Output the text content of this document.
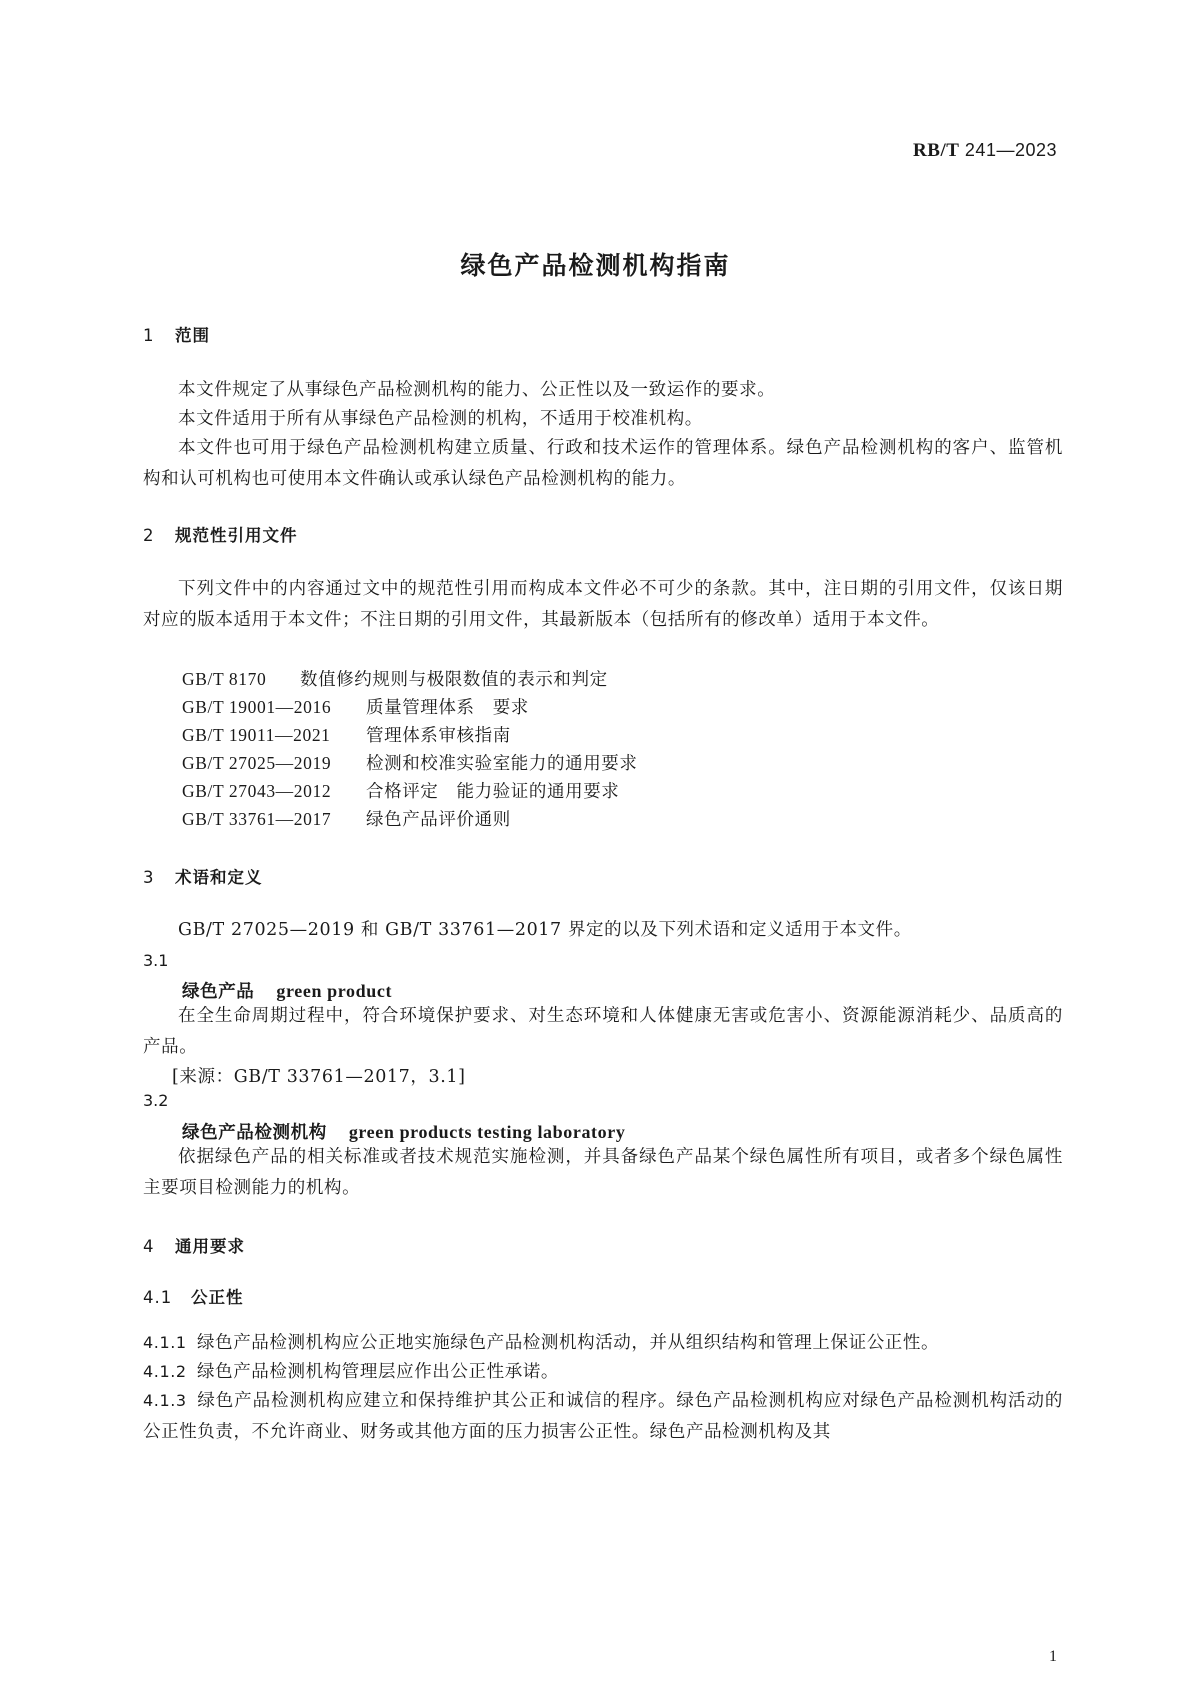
RB/T 241—2023
绿色产品检测机构指南
1 范围

本文件规定了从事绿色产品检测机构的能力、公正性以及一致运作的要求。

本文件适用于所有从事绿色产品检测的机构，不适用于校准机构。

本文件也可用于绿色产品检测机构建立质量、行政和技术运作的管理体系。绿色产品检测机构的客户、监管机构和认可机构也可使用本文件确认或承认绿色产品检测机构的能力。

2 规范性引用文件

下列文件中的内容通过文中的规范性引用而构成本文件必不可少的条款。其中，注日期的引用文件，仅该日期对应的版本适用于本文件；不注日期的引用文件，其最新版本（包括所有的修改单）适用于本文件。

GB/T 8170 数值修约规则与极限数值的表示和判定
GB/T 19001—2016 质量管理体系　要求
GB/T 19011—2021 管理体系审核指南
GB/T 27025—2019 检测和校准实验室能力的通用要求
GB/T 27043—2012 合格评定　能力验证的通用要求
GB/T 33761—2017 绿色产品评价通则
3 术语和定义

GB/T 27025—2019 和 GB/T 33761—2017 界定的以及下列术语和定义适用于本文件。

3.1
绿色产品 green product

在全生命周期过程中，符合环境保护要求、对生态环境和人体健康无害或危害小、资源能源消耗少、品质高的产品。

[来源：GB/T 33761—2017，3.1]
3.2
绿色产品检测机构 green products testing laboratory

依据绿色产品的相关标准或者技术规范实施检测，并具备绿色产品某个绿色属性所有项目，或者多个绿色属性主要项目检测能力的机构。

4 通用要求
4.1 公正性

4.1.1 绿色产品检测机构应公正地实施绿色产品检测机构活动，并从组织结构和管理上保证公正性。

4.1.2 绿色产品检测机构管理层应作出公正性承诺。

4.1.3 绿色产品检测机构应建立和保持维护其公正和诚信的程序。绿色产品检测机构应对绿色产品检测机构活动的公正性负责，不允许商业、财务或其他方面的压力损害公正性。绿色产品检测机构及其

1
